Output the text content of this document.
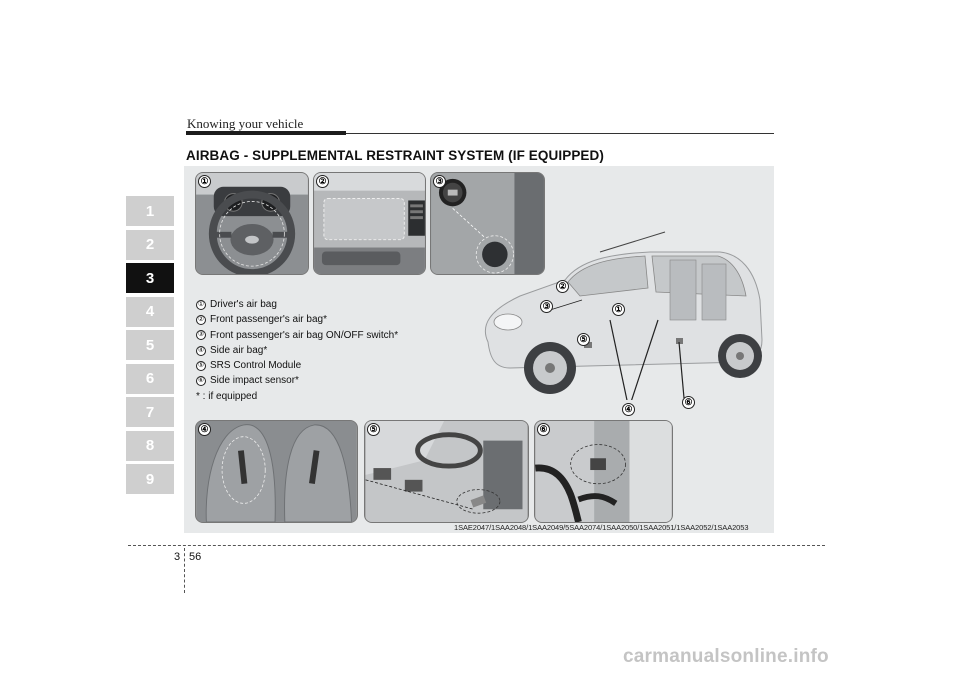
Knowing your vehicle
AIRBAG - SUPPLEMENTAL RESTRAINT SYSTEM (IF EQUIPPED)
1
2
3
4
5
6
7
8
9
①	②	③
②
③	①
⑤
④
⑥
① Driver's air bag
② Front passenger's air bag*
③ Front passenger's air bag ON/OFF switch*
④ Side air bag*
⑤ SRS Control Module
⑥ Side impact sensor*
* : if equipped
④	⑤	⑥
1SAE2047/1SAA2048/1SAA2049/5SAA2074/1SAA2050/1SAA2051/1SAA2052/1SAA2053
3 56
carmanualsonline.info
